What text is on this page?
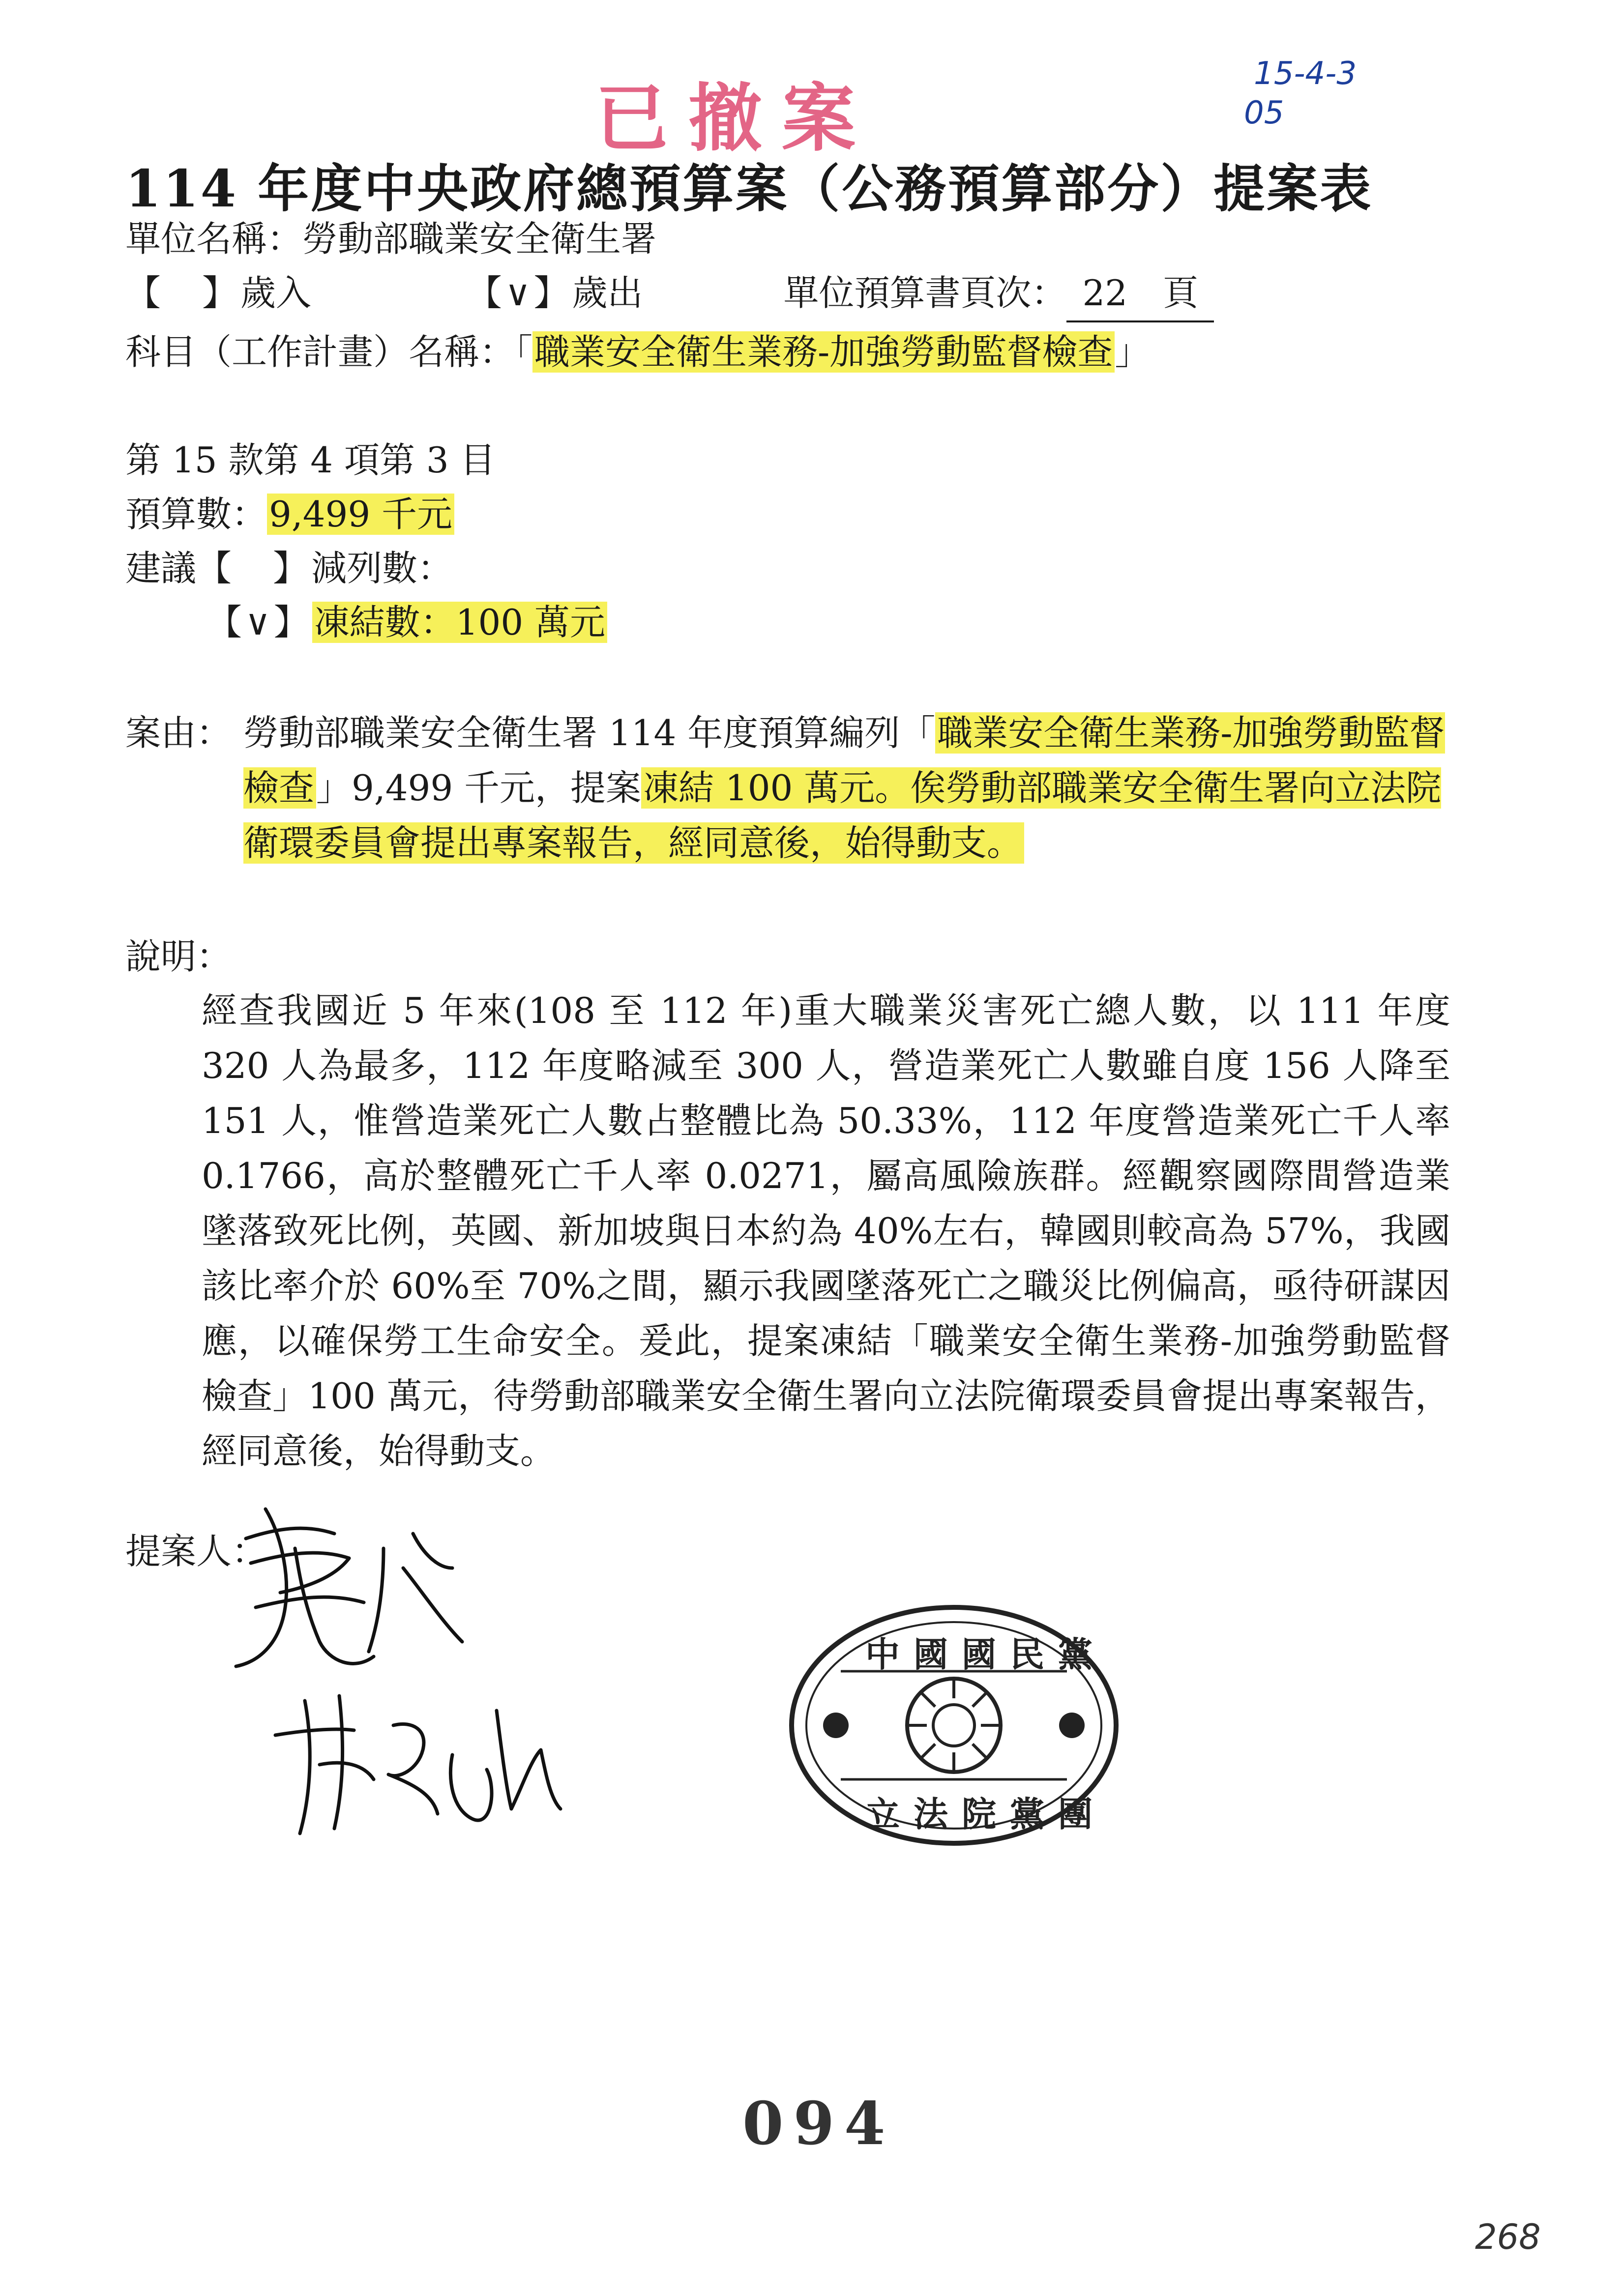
已撤案
15-4-3
05
114 年度中央政府總預算案（公務預算部分）提案表
單位名稱：勞動部職業安全衛生署
【　】歲入	【∨】歲出	單位預算書頁次： 22　 頁
科目（工作計畫）名稱：「職業安全衛生業務-加強勞動監督檢查」
第 15 款第 4 項第 3 目
預算數：9,499 千元
建議【　】減列數：
【∨】凍結數：100 萬元
案由： 勞動部職業安全衛生署 114 年度預算編列「職業安全衛生業務-加強勞動監督檢查」9,499 千元，提案凍結 100 萬元。俟勞動部職業安全衛生署向立法院衛環委員會提出專案報告，經同意後，始得動支。
說明：
經查我國近 5 年來(108 至 112 年)重大職業災害死亡總人數，以 111 年度 320 人為最多，112 年度略減至 300 人，營造業死亡人數雖自度 156 人降至 151 人，惟營造業死亡人數占整體比為 50.33%，112 年度營造業死亡千人率 0.1766，高於整體死亡千人率 0.0271，屬高風險族群。經觀察國際間營造業墜落致死比例，英國、新加坡與日本約為 40%左右，韓國則較高為 57%，我國該比率介於 60%至 70%之間，顯示我國墜落死亡之職災比例偏高，亟待研謀因應，以確保勞工生命安全。爰此，提案凍結「職業安全衛生業務-加強勞動監督檢查」100 萬元，待勞動部職業安全衛生署向立法院衛環委員會提出專案報告，經同意後，始得動支。
提案人：
中國國民黨
立法院黨團
094
268
